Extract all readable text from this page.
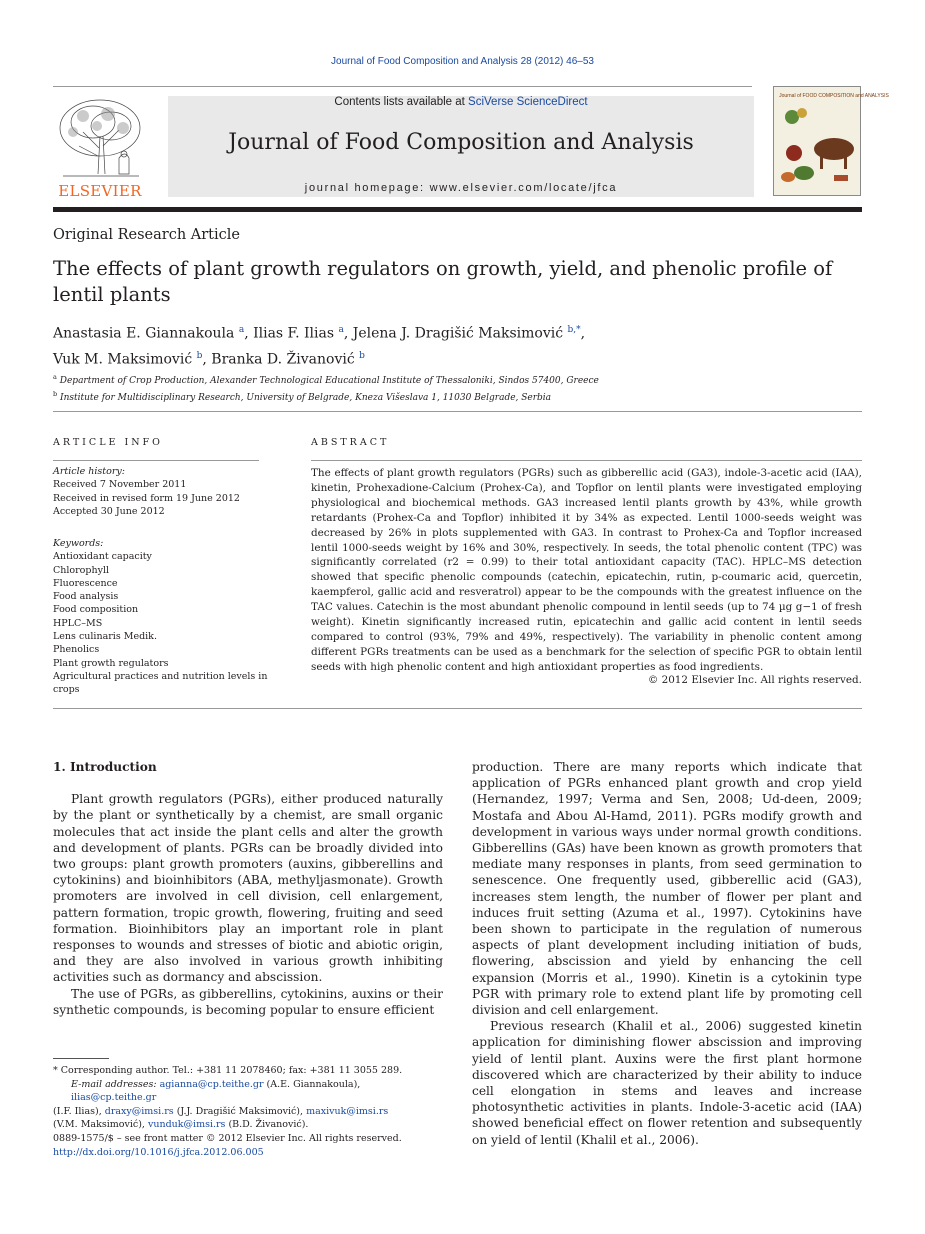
Journal of Food Composition and Analysis 28 (2012) 46–53
ELSEVIER
Contents lists available at SciVerse ScienceDirect
Journal of Food Composition and Analysis
journal homepage: www.elsevier.com/locate/jfca
Journal of FOOD COMPOSITION and ANALYSIS
Original Research Article
The effects of plant growth regulators on growth, yield, and phenolic profile of lentil plants
Anastasia E. Giannakoula $^a$, Ilias F. Ilias $^a$, Jelena J. Dragišić Maksimović $^{b,*}$,
Vuk M. Maksimović $^b$, Branka D. Živanović $^b$
$^a$ Department of Crop Production, Alexander Technological Educational Institute of Thessaloniki, Sindos 57400, Greece
$^b$ Institute for Multidisciplinary Research, University of Belgrade, Kneza Višeslava 1, 11030 Belgrade, Serbia
ARTICLE INFO
Article history:
Received 7 November 2011
Received in revised form 19 June 2012
Accepted 30 June 2012
Keywords:
Antioxidant capacity
Chlorophyll
Fluorescence
Food analysis
Food composition
HPLC–MS
Lens culinaris Medik.
Phenolics
Plant growth regulators
Agricultural practices and nutrition levels in crops
ABSTRACT
The effects of plant growth regulators (PGRs) such as gibberellic acid (GA3), indole-3-acetic acid (IAA), kinetin, Prohexadione-Calcium (Prohex-Ca), and Topflor on lentil plants were investigated employing physiological and biochemical methods. GA3 increased lentil plants growth by 43%, while growth retardants (Prohex-Ca and Topflor) inhibited it by 34% as expected. Lentil 1000-seeds weight was decreased by 26% in plots supplemented with GA3. In contrast to Prohex-Ca and Topflor increased lentil 1000-seeds weight by 16% and 30%, respectively. In seeds, the total phenolic content (TPC) was significantly correlated (r2 = 0.99) to their total antioxidant capacity (TAC). HPLC–MS detection showed that specific phenolic compounds (catechin, epicatechin, rutin, p-coumaric acid, quercetin, kaempferol, gallic acid and resveratrol) appear to be the compounds with the greatest influence on the TAC values. Catechin is the most abundant phenolic compound in lentil seeds (up to 74 µg g−1 of fresh weight). Kinetin significantly increased rutin, epicatechin and gallic acid content in lentil seeds compared to control (93%, 79% and 49%, respectively). The variability in phenolic content among different PGRs treatments can be used as a benchmark for the selection of specific PGR to obtain lentil seeds with high phenolic content and high antioxidant properties as food ingredients.
© 2012 Elsevier Inc. All rights reserved.

1. Introduction

Plant growth regulators (PGRs), either produced naturally by the plant or synthetically by a chemist, are small organic molecules that act inside the plant cells and alter the growth and development of plants. PGRs can be broadly divided into two groups: plant growth promoters (auxins, gibberellins and cytokinins) and bioinhibitors (ABA, methyljasmonate). Growth promoters are involved in cell division, cell enlargement, pattern formation, tropic growth, flowering, fruiting and seed formation. Bioinhibitors play an important role in plant responses to wounds and stresses of biotic and abiotic origin, and they are also involved in various growth inhibiting activities such as dormancy and abscission.

The use of PGRs, as gibberellins, cytokinins, auxins or their synthetic compounds, is becoming popular to ensure efficient

production. There are many reports which indicate that application of PGRs enhanced plant growth and crop yield (Hernandez, 1997; Verma and Sen, 2008; Ud-deen, 2009; Mostafa and Abou Al-Hamd, 2011). PGRs modify growth and development in various ways under normal growth conditions. Gibberellins (GAs) have been known as growth promoters that mediate many responses in plants, from seed germination to senescence. One frequently used, gibberellic acid (GA3), increases stem length, the number of flower per plant and induces fruit setting (Azuma et al., 1997). Cytokinins have been shown to participate in the regulation of numerous aspects of plant development including initiation of buds, flowering, abscission and yield by enhancing the cell expansion (Morris et al., 1990). Kinetin is a cytokinin type PGR with primary role to extend plant life by promoting cell division and cell enlargement.

Previous research (Khalil et al., 2006) suggested kinetin application for diminishing flower abscission and improving yield of lentil plant. Auxins were the first plant hormone discovered which are characterized by their ability to induce cell elongation in stems and leaves and increase photosynthetic activities in plants. Indole-3-acetic acid (IAA) showed beneficial effect on flower retention and subsequently on yield of lentil (Khalil et al., 2006).

* Corresponding author. Tel.: +381 11 2078460; fax: +381 11 3055 289.
E-mail addresses: agianna@cp.teithe.gr (A.E. Giannakoula), ilias@cp.teithe.gr
(I.F. Ilias), draxy@imsi.rs (J.J. Dragišić Maksimović), maxivuk@imsi.rs
(V.M. Maksimović), vunduk@imsi.rs (B.D. Živanović).
0889-1575/$ – see front matter © 2012 Elsevier Inc. All rights reserved.
http://dx.doi.org/10.1016/j.jfca.2012.06.005
